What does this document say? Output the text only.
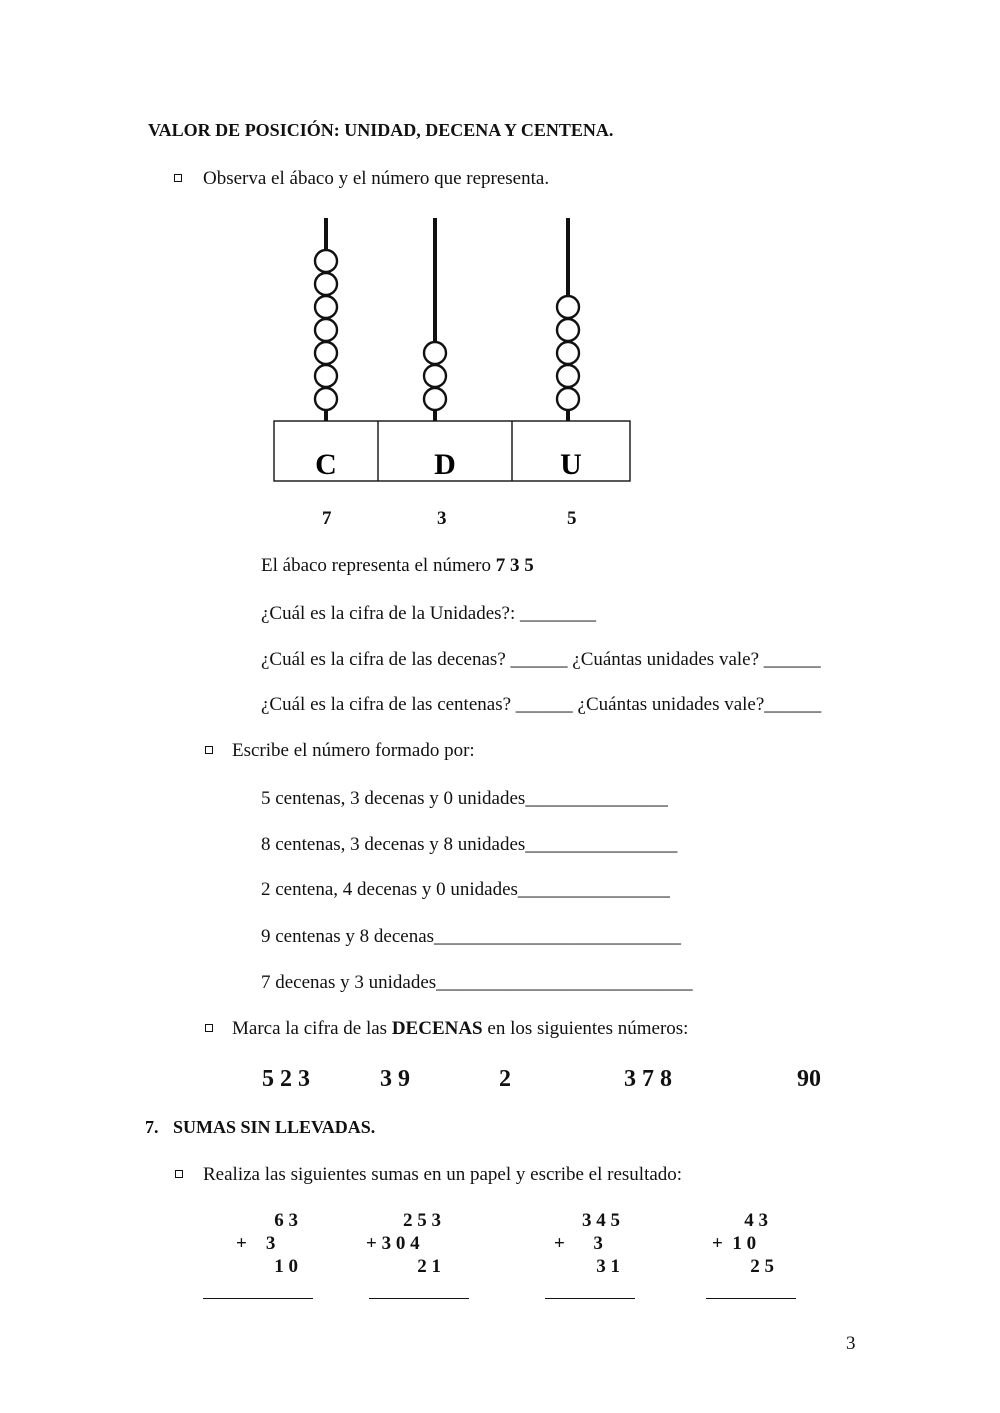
VALOR DE POSICIÓN: UNIDAD, DECENA Y CENTENA.
Observa el ábaco y el número que representa.
C	D	U
7	3	5
El ábaco representa el número 7 3 5
¿Cuál es la cifra de la Unidades?: ________
¿Cuál es la cifra de las decenas? ______ ¿Cuántas unidades vale? ______
¿Cuál es la cifra de las centenas? ______ ¿Cuántas unidades vale?______
Escribe el número formado por:
5 centenas, 3 decenas y 0 unidades_______________
8 centenas, 3 decenas y 8 unidades________________
2 centena, 4 decenas y 0 unidades________________
9 centenas y 8 decenas__________________________
7 decenas y 3 unidades___________________________
Marca la cifra de las DECENAS en los siguientes números:
5 2 3	3 9	2	3 7 8	90
7. SUMAS SIN LLEVADAS.
Realiza las siguientes sumas en un papel y escribe el resultado:
6 3
+    3
1 0
2 5 3
+ 3 0 4
2 1
3 4 5
+      3
3 1
4 3
+  1 0
2 5
3
